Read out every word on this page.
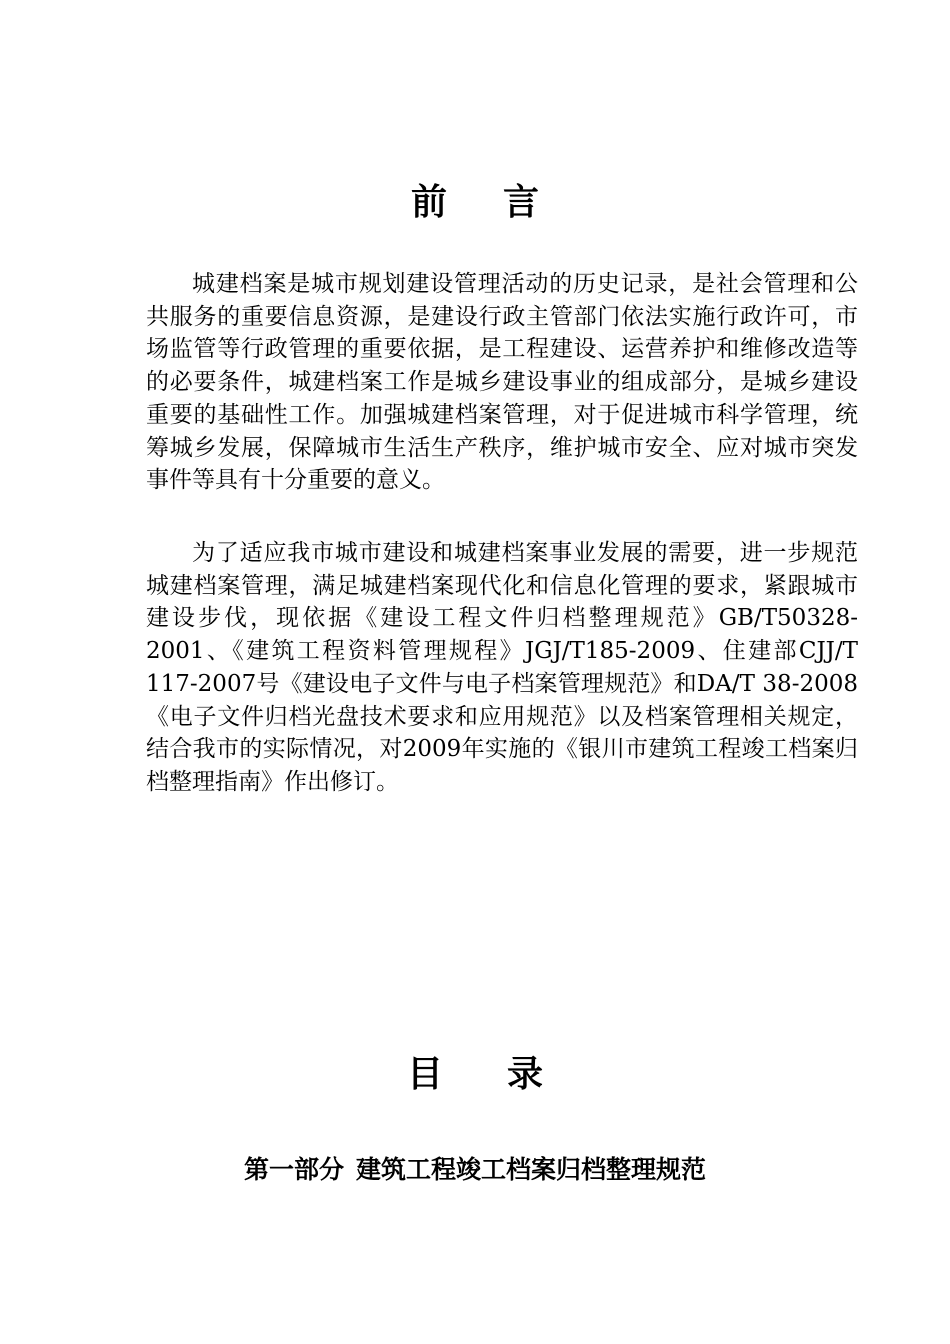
前言

城建档案是城市规划建设管理活动的历史记录，是社会管理和公共服务的重要信息资源，是建设行政主管部门依法实施行政许可，市场监管等行政管理的重要依据，是工程建设、运营养护和维修改造等的必要条件，城建档案工作是城乡建设事业的组成部分，是城乡建设重要的基础性工作。加强城建档案管理，对于促进城市科学管理，统筹城乡发展，保障城市生活生产秩序，维护城市安全、应对城市突发事件等具有十分重要的意义。

为了适应我市城市建设和城建档案事业发展的需要，进一步规范城建档案管理，满足城建档案现代化和信息化管理的要求，紧跟城市建设步伐，现依据《建设工程文件归档整理规范》GB/T50328-2001、《建筑工程资料管理规程》JGJ/T185-2009、住建部CJJ/T 117-2007号《建设电子文件与电子档案管理规范》和DA/T 38-2008《电子文件归档光盘技术要求和应用规范》以及档案管理相关规定，结合我市的实际情况，对2009年实施的《银川市建筑工程竣工档案归档整理指南》作出修订。

目录
第一部分 建筑工程竣工档案归档整理规范
